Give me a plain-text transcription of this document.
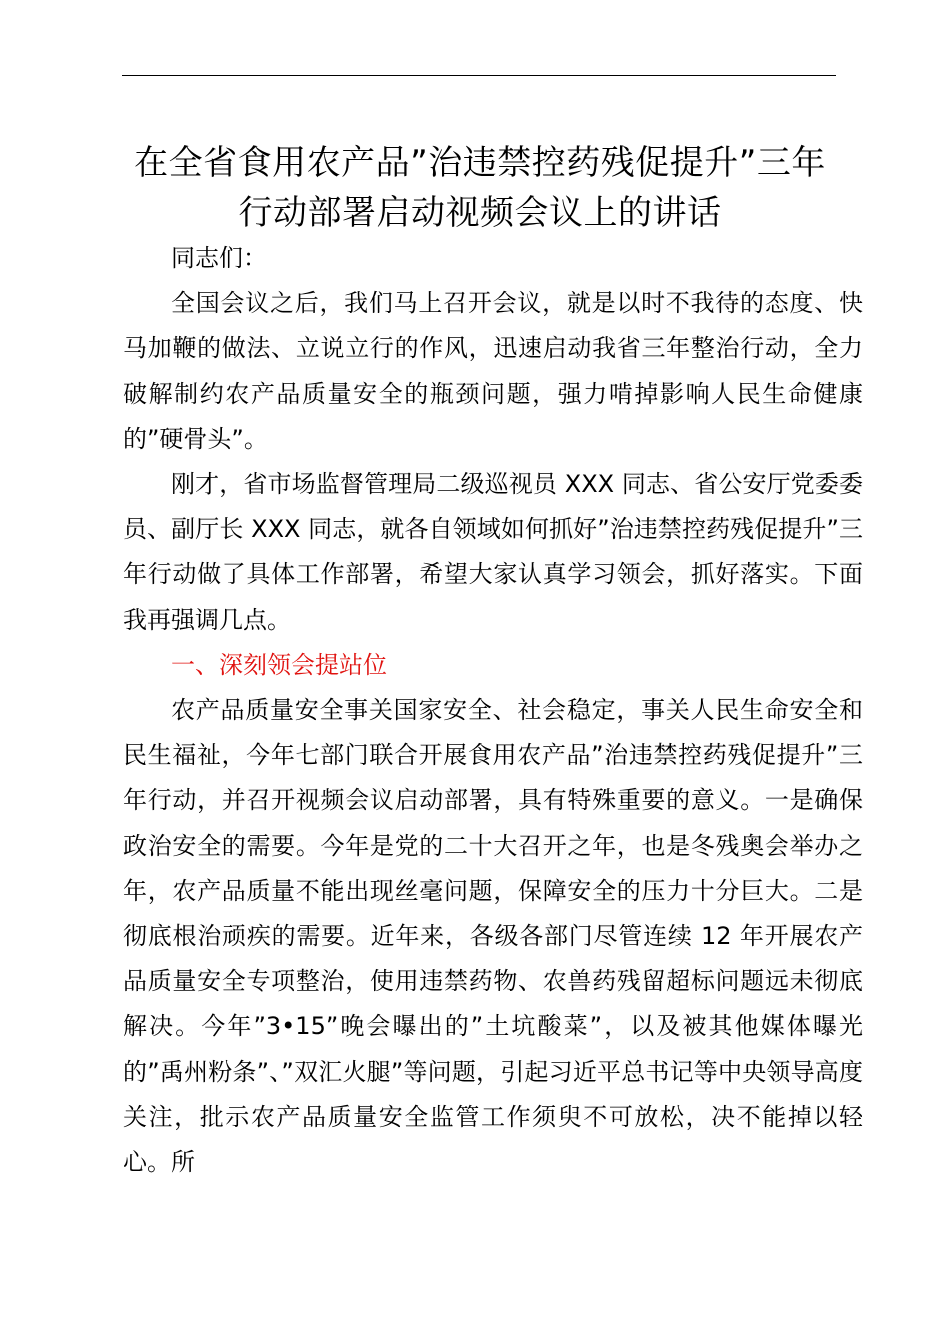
在全省食用农产品”治违禁控药残促提升”三年
行动部署启动视频会议上的讲话

同志们：

全国会议之后，我们马上召开会议，就是以时不我待的态度、快马加鞭的做法、立说立行的作风，迅速启动我省三年整治行动，全力破解制约农产品质量安全的瓶颈问题，强力啃掉影响人民生命健康的”硬骨头”。

刚才，省市场监督管理局二级巡视员 XXX 同志、省公安厅党委委员、副厅长 XXX 同志，就各自领域如何抓好”治违禁控药残促提升”三年行动做了具体工作部署，希望大家认真学习领会，抓好落实。下面我再强调几点。

一、深刻领会提站位

农产品质量安全事关国家安全、社会稳定，事关人民生命安全和民生福祉，今年七部门联合开展食用农产品”治违禁控药残促提升”三年行动，并召开视频会议启动部署，具有特殊重要的意义。一是确保政治安全的需要。今年是党的二十大召开之年，也是冬残奥会举办之年，农产品质量不能出现丝毫问题，保障安全的压力十分巨大。二是彻底根治顽疾的需要。近年来，各级各部门尽管连续 12 年开展农产品质量安全专项整治，使用违禁药物、农兽药残留超标问题远未彻底解决。今年”3•15”晚会曝出的”土坑酸菜”，以及被其他媒体曝光的”禹州粉条”、”双汇火腿”等问题，引起习近平总书记等中央领导高度关注，批示农产品质量安全监管工作须臾不可放松，决不能掉以轻心。所
